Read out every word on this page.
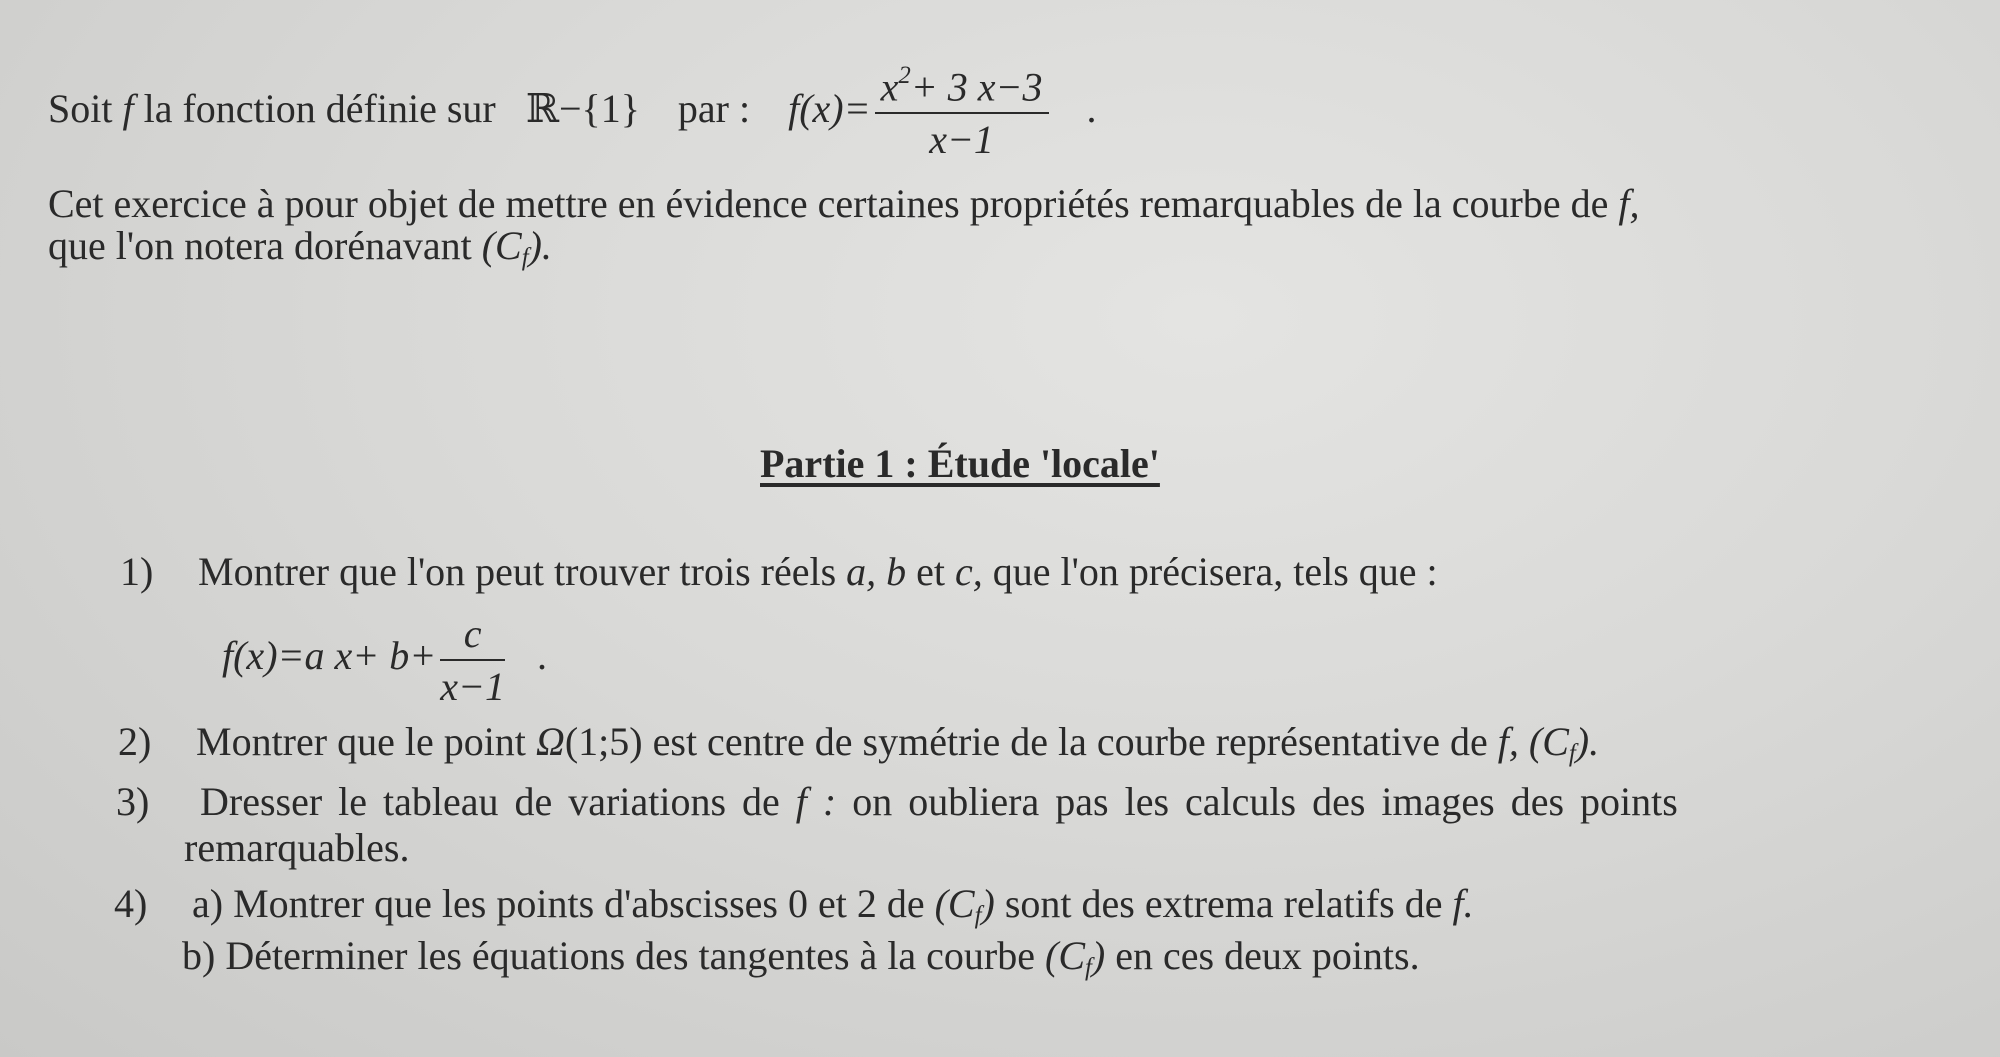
Soit f la fonction définie sur ℝ−{1} par : $f(x)= \frac{x^2+ 3 x-3}{x-1}$ .
Cet exercice à pour objet de mettre en évidence certaines propriétés remarquables de la courbe de f,
que l'on notera dorénavant $(C_f)$.
Partie 1 : Étude 'locale'
1) Montrer que l'on peut trouver trois réels a, b et c, que l'on précisera, tels que :
f(x)=a $x+ b+ \frac{c}{x-1}$ .
2) Montrer que le point Ω(1;5) est centre de symétrie de la courbe représentative de f, $(C_f)$.
3) Dresser le tableau de variations de f : on oubliera pas les calculs des images des points
remarquables.
4) a) Montrer que les points d'abscisses 0 et 2 de $(C_f)$ sont des extrema relatifs de f.
b) Déterminer les équations des tangentes à la courbe $(C_f)$ en ces deux points.
